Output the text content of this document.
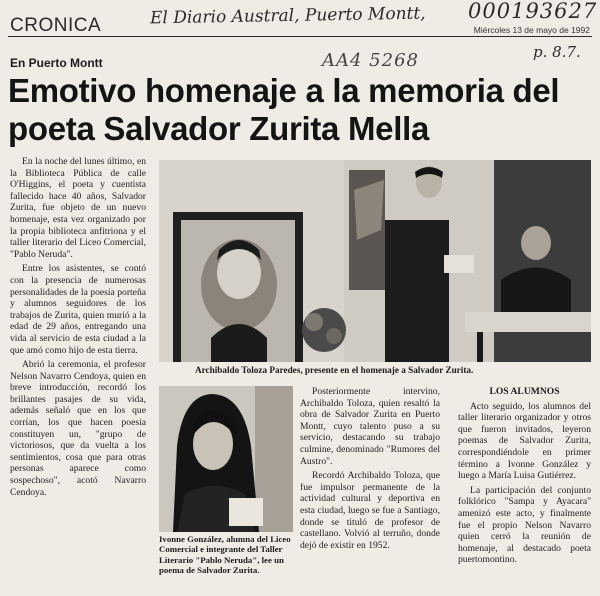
CRONICA	El Diario Austral, Puerto Montt, 000193627
Miércoles 13 de mayo de 1992
AA4 5268	p. 8.7.
En Puerto Montt
Emotivo homenaje a la memoria del poeta Salvador Zurita Mella

En la noche del lunes último, en la Biblioteca Pública de calle O'Higgins, el poeta y cuentista fallecido hace 40 años, Salvador Zurita, fue objeto de un nuevo homenaje, esta vez organizado por la propia biblioteca anfitriona y el taller literario del Liceo Comercial, "Pablo Neruda".

Entre los asistentes, se contó con la presencia de numerosas personalidades de la poesía porteña y alumnos seguidores de los trabajos de Zurita, quien murió a la edad de 29 años, entregando una vida al servicio de esta ciudad a la que amó como hijo de esta tierra.

Abrió la ceremonia, el profesor Nelson Navarro Cendoya, quien en breve introducción, recordó los brillantes pasajes de su vida, además señaló que en los que corrían, los que hacen poesía constituyen un, "grupo de victoriosos, que da vuelta a los sentimientos, cosa que para otras personas aparece como sospechoso", acotó Navarro Cendoya.

Archibaldo Toloza Paredes, presente en el homenaje a Salvador Zurita.
Ivonne González, alumna del Liceo Comercial e integrante del Taller Literario "Pablo Neruda", lee un poema de Salvador Zurita.

Posteriormente intervino, Archibaldo Toloza, quien resaltó la obra de Salvador Zurita en Puerto Montt, cuyo talento puso a su servicio, destacando su trabajo culmine, denominado "Rumores del Austro".

Recordó Archibaldo Toloza, que fue impulsor permanente de la actividad cultural y deportiva en esta ciudad, luego se fue a Santiago, donde se tituló de profesor de castellano. Volvió al terruño, donde dejó de existir en 1952.

LOS ALUMNOS

Acto seguido, los alumnos del taller literario organizador y otros que fueron invitados, leyeron poemas de Salvador Zurita, correspondiéndole en primer término a Ivonne González y luego a María Luisa Gutiérrez.

La participación del conjunto folklórico "Sampa y Ayacara" amenizó este acto, y finalmente fue el propio Nelson Navarro quien cerró la reunión de homenaje, al destacado poeta puertomontino.
